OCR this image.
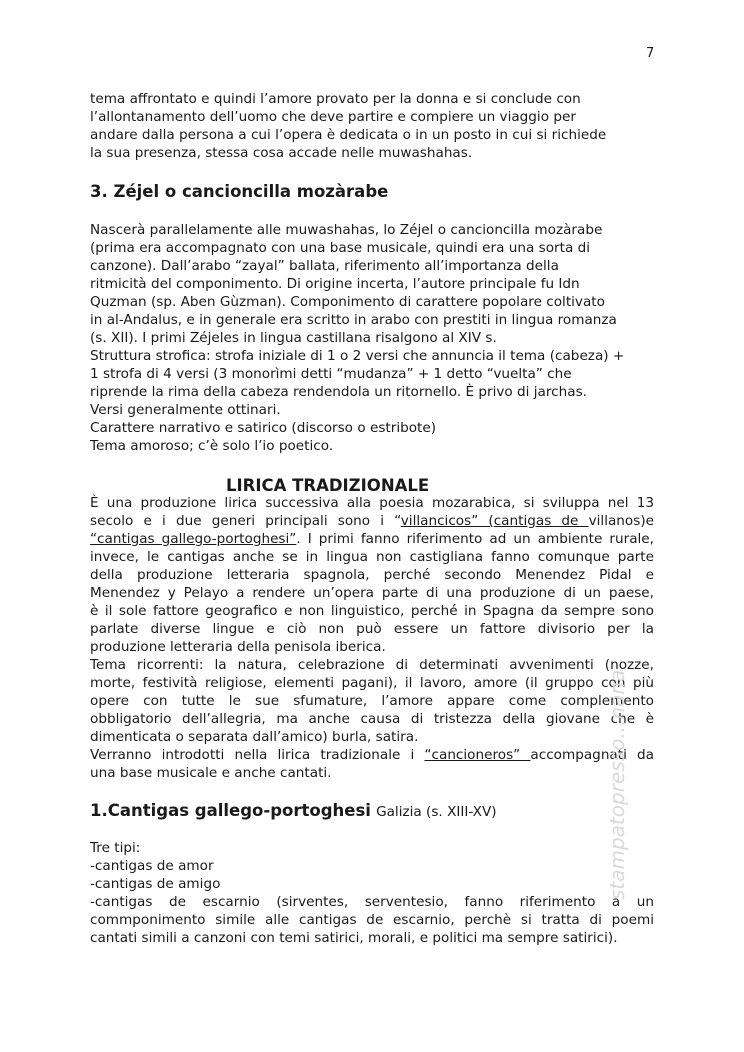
7
tema affrontato e quindi l’amore provato per la donna e si conclude con
l’allontanamento dell’uomo che deve partire e compiere un viaggio per
andare dalla persona a cui l’opera è dedicata o in un posto in cui si richiede
la sua presenza, stessa cosa accade nelle muwashahas.
3. Zéjel o cancioncilla mozàrabe
Nascerà parallelamente alle muwashahas, lo Zéjel o cancioncilla mozàrabe
(prima era accompagnato con una base musicale, quindi era una sorta di
canzone). Dall’arabo “zayal” ballata, riferimento all’importanza della
ritmicità del componimento. Di origine incerta, l’autore principale fu Idn
Quzman (sp. Aben Gùzman). Componimento di carattere popolare coltivato
in al-Andalus, e in generale era scritto in arabo con prestiti in lingua romanza
(s. XII). I primi Zéjeles in lingua castillana risalgono al XIV s.
Struttura strofica: strofa iniziale di 1 o 2 versi che annuncia il tema (cabeza) +
1 strofa di 4 versi (3 monorìmi detti “mudanza” + 1 detto “vuelta” che
riprende la rima della cabeza rendendola un ritornello. È privo di jarchas.
Versi generalmente ottinari.
Carattere narrativo e satirico (discorso o estribote)
Tema amoroso; c’è solo l’io poetico.
LIRICA TRADIZIONALE
È una produzione lirica successiva alla poesia mozarabica, si sviluppa nel 13
secolo e i due generi principali sono i “villancicos” (cantigas de villanos)e
“cantigas gallego-portoghesi”. I primi fanno riferimento ad un ambiente rurale,
invece, le cantigas anche se in lingua non castigliana fanno comunque parte
della produzione letteraria spagnola, perché secondo Menendez Pidal e
Menendez y Pelayo a rendere un’opera parte di una produzione di un paese,
è il sole fattore geografico e non linguistico, perché in Spagna da sempre sono
parlate diverse lingue e ciò non può essere un fattore divisorio per la
produzione letteraria della penisola iberica.
Tema ricorrenti: la natura, celebrazione di determinati avvenimenti (nozze,
morte, festività religiose, elementi pagani), il lavoro, amore (il gruppo con più
opere con tutte le sue sfumature, l’amore appare come complemento
obbligatorio dell’allegria, ma anche causa di tristezza della giovane che è
dimenticata o separata dall’amico) burla, satira.
Verranno introdotti nella lirica tradizionale i “cancioneros” accompagnati da
una base musicale e anche cantati.
1.Cantigas gallego-portoghesi Galizia (s. XIII-XV)
Tre tipi:
-cantigas de amor
-cantigas de amigo
-cantigas de escarnio (sirventes, serventesio, fanno riferimento a un
commponimento simile alle cantigas de escarnio, perchè si tratta di poemi
cantati simili a canzoni con temi satirici, morali, e politici ma sempre satirici).
stampatopresso...nana
